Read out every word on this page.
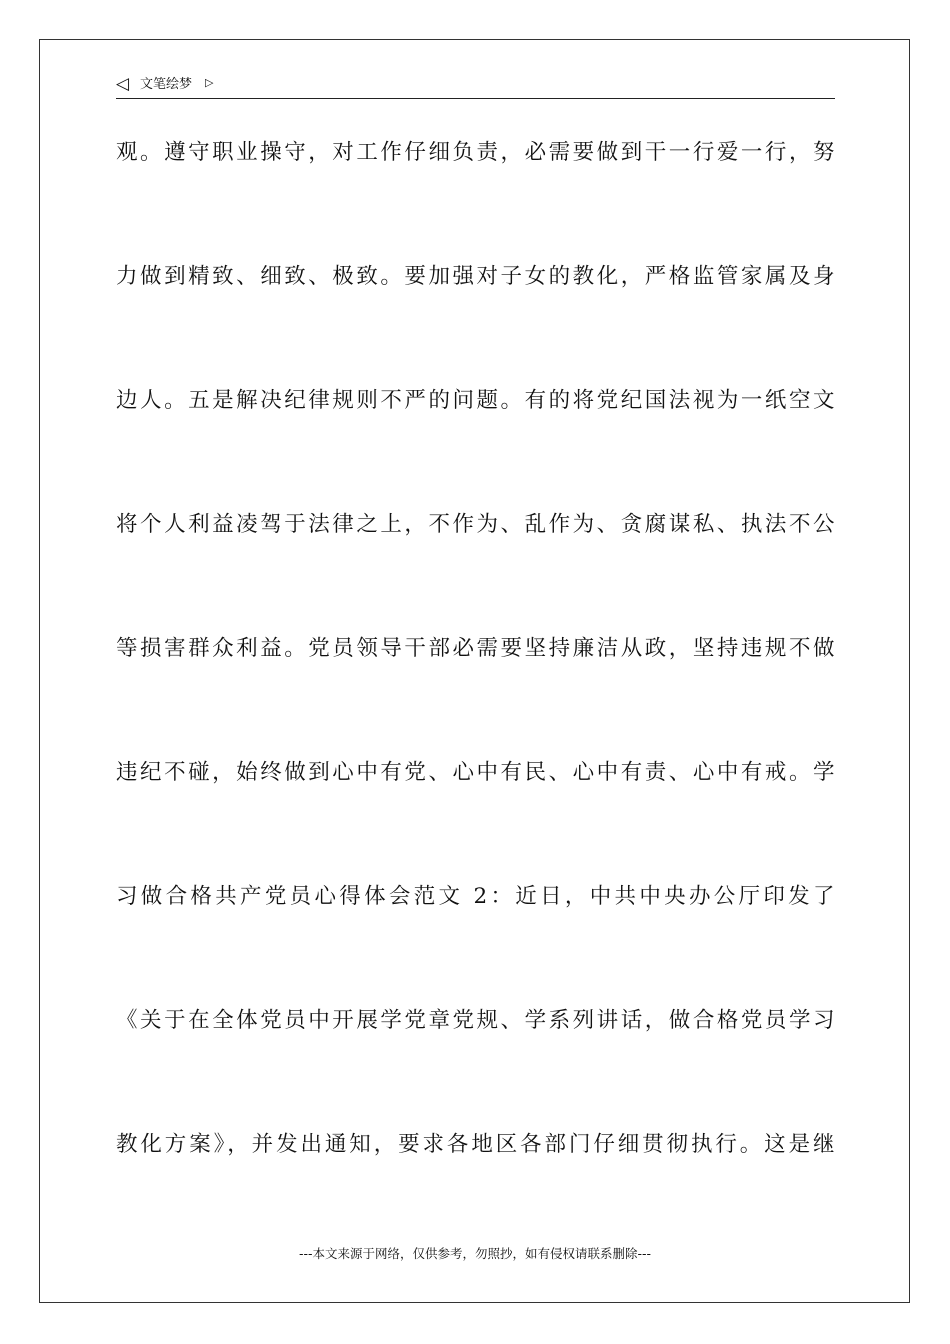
◁ 文笔绘梦 ▷
观。遵守职业操守，对工作仔细负责，必需要做到干一行爱一行，努
力做到精致、细致、极致。要加强对子女的教化，严格监管家属及身
边人。五是解决纪律规则不严的问题。有的将党纪国法视为一纸空文
将个人利益凌驾于法律之上，不作为、乱作为、贪腐谋私、执法不公
等损害群众利益。党员领导干部必需要坚持廉洁从政，坚持违规不做
违纪不碰，始终做到心中有党、心中有民、心中有责、心中有戒。学
习做合格共产党员心得体会范文 2：近日，中共中央办公厅印发了
《关于在全体党员中开展学党章党规、学系列讲话，做合格党员学习
教化方案》，并发出通知，要求各地区各部门仔细贯彻执行。这是继
---本文来源于网络，仅供参考，勿照抄，如有侵权请联系删除---
